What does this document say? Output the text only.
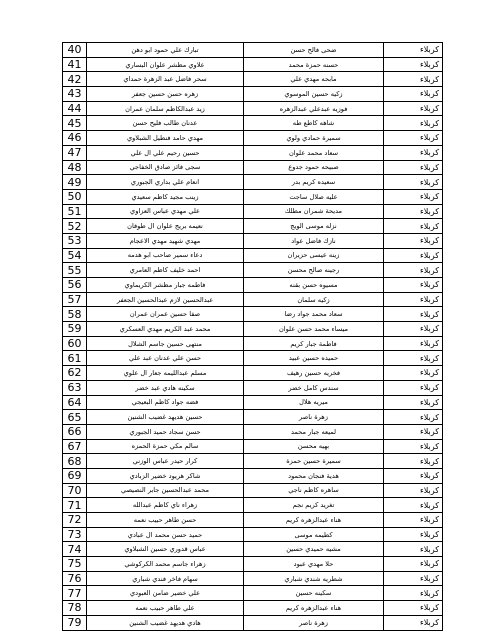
40	تبارك علي حمود ابو دهن	ضحى فالح حسن	كربلاء
41	علاوي مظشر علوان البساري	حسنه حمزة محمد	كربلاء
42	سحر فاضل عبد الزهرة حمداي	مابحه مهدي علي	كربلاء
43	زهره حسن حسين جعفر	زكيه حسين الموسوي	كربلاء
44	زيد عبدالكاظم سلمان عمران	فوزيه عبدعلي عبدالزهره	كربلاء
45	عدنان طالب فليح حسن	شاهه كاطع طه	كربلاء
46	مهدي حامد فنطيل الشبلاوي	سميرة حمادي ولوي	كربلاء
47	حسين رحيم علي ال علي	سعاد محمد علوان	كربلاء
48	سجى فائز صادق الخفاجي	صبيحه حمود جدوع	كربلاء
49	انعام علي بداري الجبوري	سعيده كريم بدر	كربلاء
50	زينب مجيد كاظم سعيدي	عليه صلال ساجت	كربلاء
51	علي مهدي عباس العزاوي	مديحة شمران مطلك	كربلاء
52	نعيمه بريج علوان ال طوفان	نزله موسى الويج	كربلاء
53	مهدي شهيد مهدي الاعجام	نازك فاضل عواد	كربلاء
54	دعاء سمير صاحب ابو هدمه	زينه عيسى حزيران	كربلاء
55	احمد خليف كاظم العامري	رجينه صالح محسن	كربلاء
56	فاطمه جبار مظشر الكريماوي	مسيوه حسن بقنه	كربلاء
57	عبدالحسين لازم عبدالحسين الجعفر	زكيه سلمان	كربلاء
58	صفا حسين عمران عمران	سعاد محمد جواد رضا	كربلاء
59	محمد عبد الكريم مهدي العسكري	ميساء محمد حسن علوان	كربلاء
60	منتهى حسين جاسم الشلال	فاطمة جبار كريم	كربلاء
61	حسن علي عدنان عبد علي	حميده حسين عبيد	كربلاء
62	مسلم عبدالليمه جعار ال علوي	فخريه حسين رهيف	كربلاء
63	سكينه هادي عبد خضر	سندس كامل خضر	كربلاء
64	فضه جواد كاظم البعيجي	ميريه هلال	كربلاء
65	حسين هديهد غضيب الشنين	زهرة ناصر	كربلاء
66	حسن سجاد حميد الجبوري	لميعه جبار محمد	كربلاء
67	سالم مكي حمزة الحمزه	بهيه محسن	كربلاء
68	كرار حيدر عباس الوزني	سميرة حسين حمزة	كربلاء
69	شاكر هريود خضير الزبادي	هدية فنجان محمود	كربلاء
70	محمد عبدالحسين جابر النصيصي	ساهره كاظم ناجي	كربلاء
71	زهراء ناي كاظم عبدالله	تغريد كريم نجم	كربلاء
72	حسن طاهر حبيب نعمه	هناء عبدالزهره كريم	كربلاء
73	حميد حسن محمد ال عبادي	كطيمه موسى	كربلاء
74	عباس قدوري حسين الشبلاوي	مشيه حميدي حسين	كربلاء
75	زهراء جاسم محمد الكركوشي	حلا مهدي عبود	كربلاء
76	سهام فاخر فندي شباري	شطريه شندي شباري	كربلاء
77	علي خضير ضامن العبودي	سكينه حسين	كربلاء
78	علي طاهر حبيب نعمه	هناء عبدالزهره كريم	كربلاء
79	هادي هديهد غضيب الشنين	زهرة ناصر	كربلاء
